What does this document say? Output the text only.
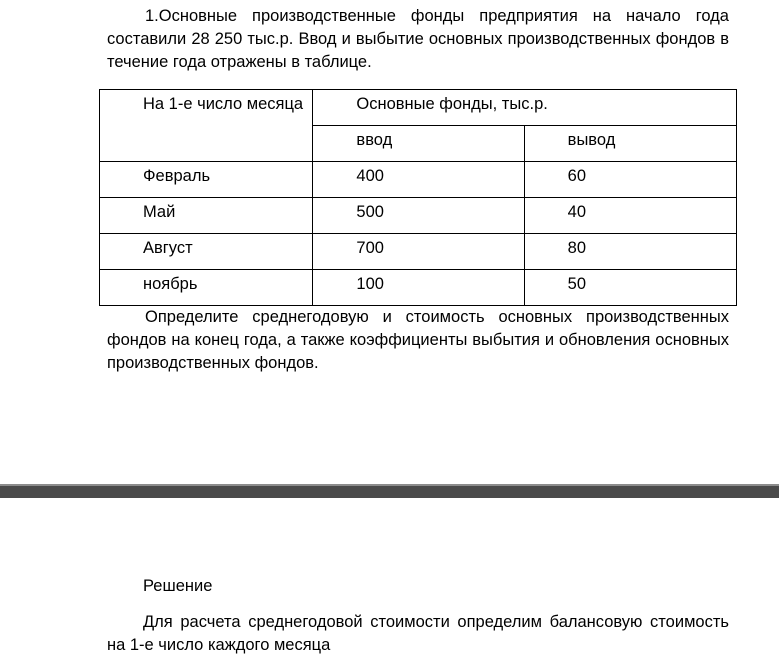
1.Основные производственные фонды предприятия на начало года составили 28 250 тыс.р. Ввод и выбытие основных производственных фондов в течение года отражены в таблице.

На 1-е число месяца	Основные фонды, тыс.р.	

	ввод	вывод

Февраль	400	60

Май	500	40

Август	700	80

ноябрь	100	50

Определите среднегодовую и стоимость основных производственных фондов на конец года, а также коэффициенты выбытия и обновления основных производственных фондов.

Решение

Для расчета среднегодовой стоимости определим балансовую стоимость на 1-е число каждого месяца
